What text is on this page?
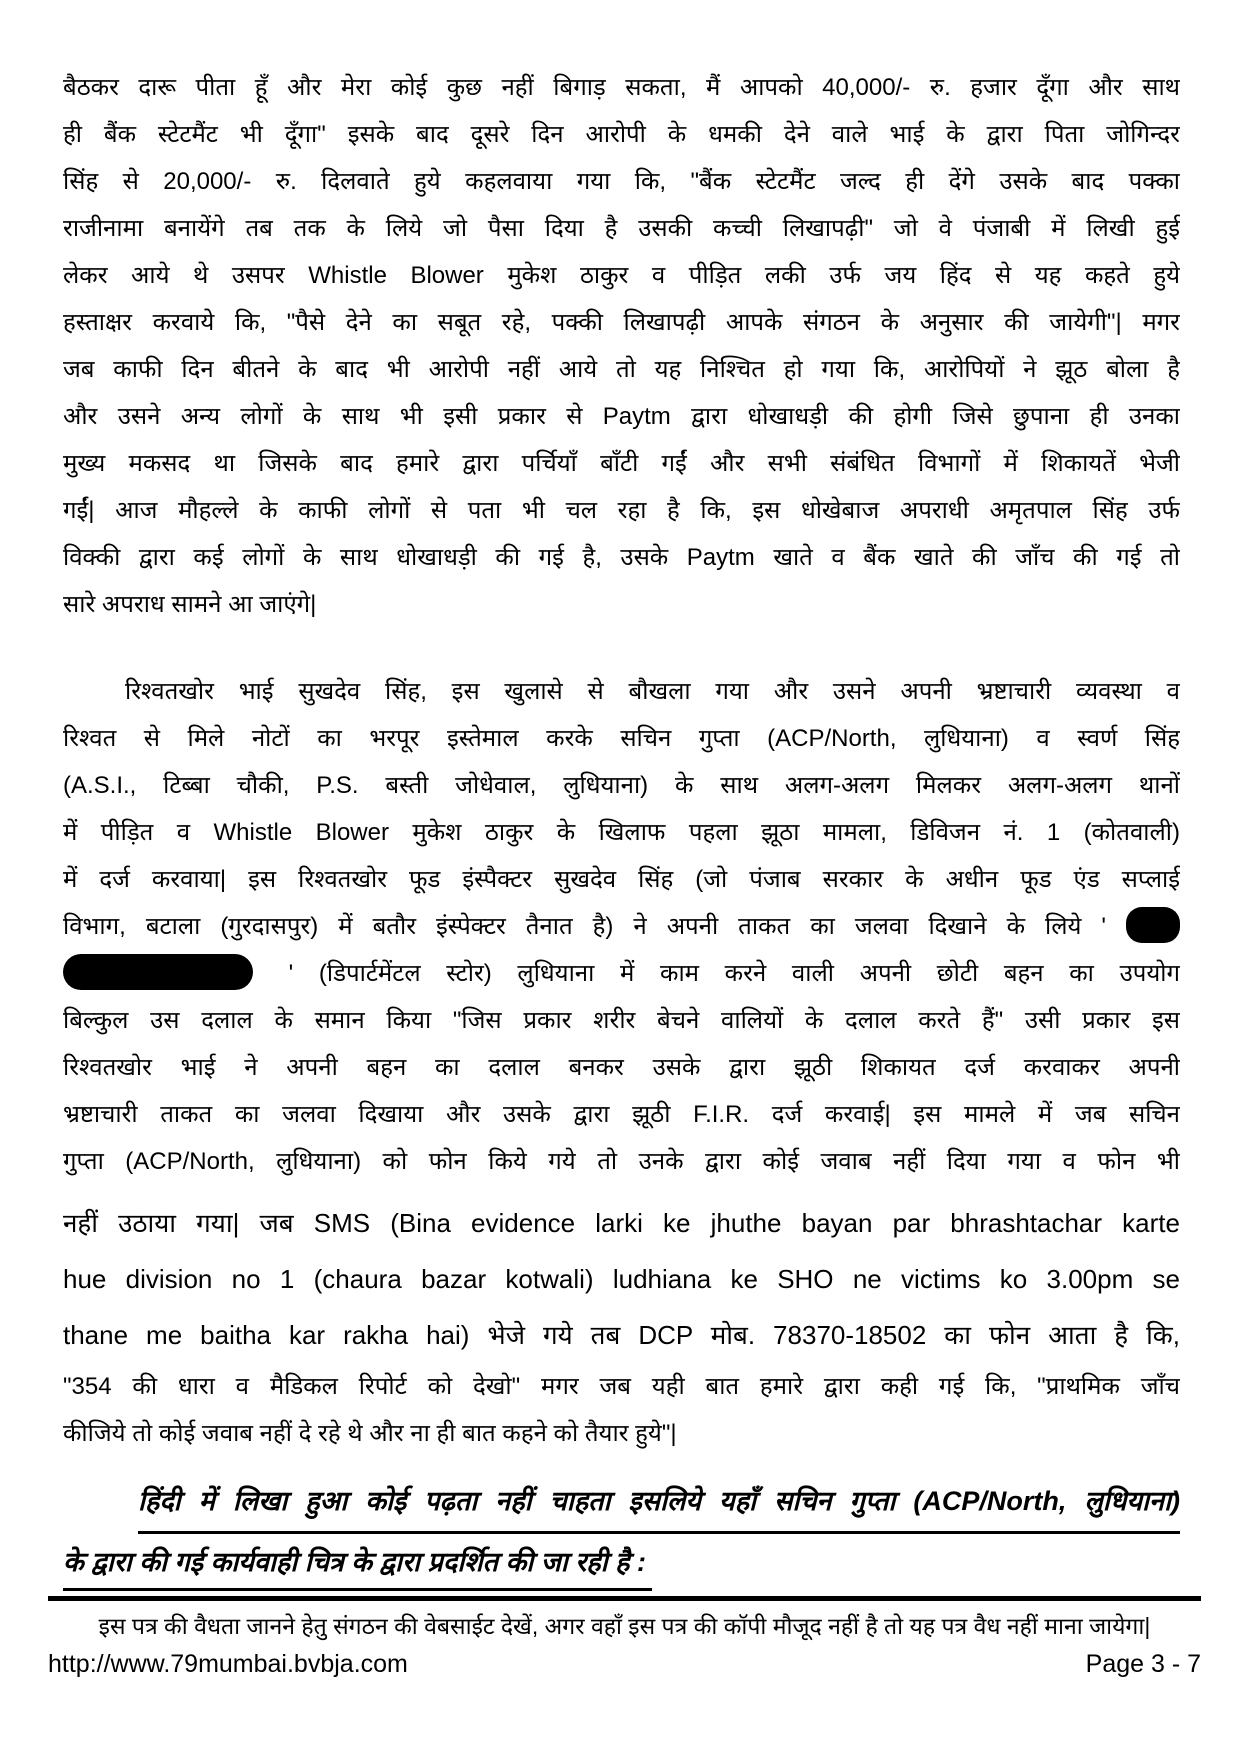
बैठकर दारू पीता हूँ और मेरा कोई कुछ नहीं बिगाड़ सकता, मैं आपको 40,000/- रु. हजार दूँगा और साथ
ही बैंक स्टेटमैंट भी दूँगा" इसके बाद दूसरे दिन आरोपी के धमकी देने वाले भाई के द्वारा पिता जोगिन्दर
सिंह से 20,000/- रु. दिलवाते हुये कहलवाया गया कि, "बैंक स्टेटमैंट जल्द ही देंगे उसके बाद पक्का
राजीनामा बनायेंगे तब तक के लिये जो पैसा दिया है उसकी कच्ची लिखापढ़ी" जो वे पंजाबी में लिखी हुई
लेकर आये थे उसपर Whistle Blower मुकेश ठाकुर व पीड़ित लकी उर्फ जय हिंद से यह कहते हुये
हस्ताक्षर करवाये कि, "पैसे देने का सबूत रहे, पक्की लिखापढ़ी आपके संगठन के अनुसार की जायेगी"| मगर
जब काफी दिन बीतने के बाद भी आरोपी नहीं आये तो यह निश्चित हो गया कि, आरोपियों ने झूठ बोला है
और उसने अन्य लोगों के साथ भी इसी प्रकार से Paytm द्वारा धोखाधड़ी की होगी जिसे छुपाना ही उनका
मुख्य मकसद था जिसके बाद हमारे द्वारा पर्चियाँ बाँटी गईं और सभी संबंधित विभागों में शिकायतें भेजी
गईं| आज मौहल्ले के काफी लोगों से पता भी चल रहा है कि, इस धोखेबाज अपराधी अमृतपाल सिंह उर्फ
विक्की द्वारा कई लोगों के साथ धोखाधड़ी की गई है, उसके Paytm खाते व बैंक खाते की जाँच की गई तो
सारे अपराध सामने आ जाएंगे|
रिश्वतखोर भाई सुखदेव सिंह, इस खुलासे से बौखला गया और उसने अपनी भ्रष्टाचारी व्यवस्था व
रिश्वत से मिले नोटों का भरपूर इस्तेमाल करके सचिन गुप्ता (ACP/North, लुधियाना) व स्वर्ण सिंह
(A.S.I., टिब्बा चौकी, P.S. बस्ती जोधेवाल, लुधियाना) के साथ अलग-अलग मिलकर अलग-अलग थानों
में पीड़ित व Whistle Blower मुकेश ठाकुर के खिलाफ पहला झूठा मामला, डिविजन नं. 1 (कोतवाली)
में दर्ज करवाया| इस रिश्वतखोर फूड इंस्पैक्टर सुखदेव सिंह (जो पंजाब सरकार के अधीन फूड एंड सप्लाई
विभाग, बटाला (गुरदासपुर) में बतौर इंस्पेक्टर तैनात है) ने अपनी ताकत का जलवा दिखाने के लिये '
' (डिपार्टमेंटल स्टोर) लुधियाना में काम करने वाली अपनी छोटी बहन का उपयोग
बिल्कुल उस दलाल के समान किया "जिस प्रकार शरीर बेचने वालियों के दलाल करते हैं" उसी प्रकार इस
रिश्वतखोर भाई ने अपनी बहन का दलाल बनकर उसके द्वारा झूठी शिकायत दर्ज करवाकर अपनी
भ्रष्टाचारी ताकत का जलवा दिखाया और उसके द्वारा झूठी F.I.R. दर्ज करवाई| इस मामले में जब सचिन
गुप्ता (ACP/North, लुधियाना) को फोन किये गये तो उनके द्वारा कोई जवाब नहीं दिया गया व फोन भी
नहीं उठाया गया| जब SMS (Bina evidence larki ke jhuthe bayan par bhrashtachar karte
hue division no 1 (chaura bazar kotwali) ludhiana ke SHO ne victims ko 3.00pm se
thane me baitha kar rakha hai) भेजे गये तब DCP मोब. 78370-18502 का फोन आता है कि,
"354 की धारा व मैडिकल रिपोर्ट को देखो" मगर जब यही बात हमारे द्वारा कही गई कि, "प्राथमिक जाँच
कीजिये तो कोई जवाब नहीं दे रहे थे और ना ही बात कहने को तैयार हुये"|
हिंदी में लिखा हुआ कोई पढ़ता नहीं चाहता इसलिये यहाँ सचिन गुप्ता (ACP/North, लुधियाना)
के द्वारा की गई कार्यवाही चित्र के द्वारा प्रदर्शित की जा रही है :
इस पत्र की वैधता जानने हेतु संगठन की वेबसाईट देखें, अगर वहाँ इस पत्र की कॉपी मौजूद नहीं है तो यह पत्र वैध नहीं माना जायेगा|
http://www.79mumbai.bvbja.com	Page 3 - 7
